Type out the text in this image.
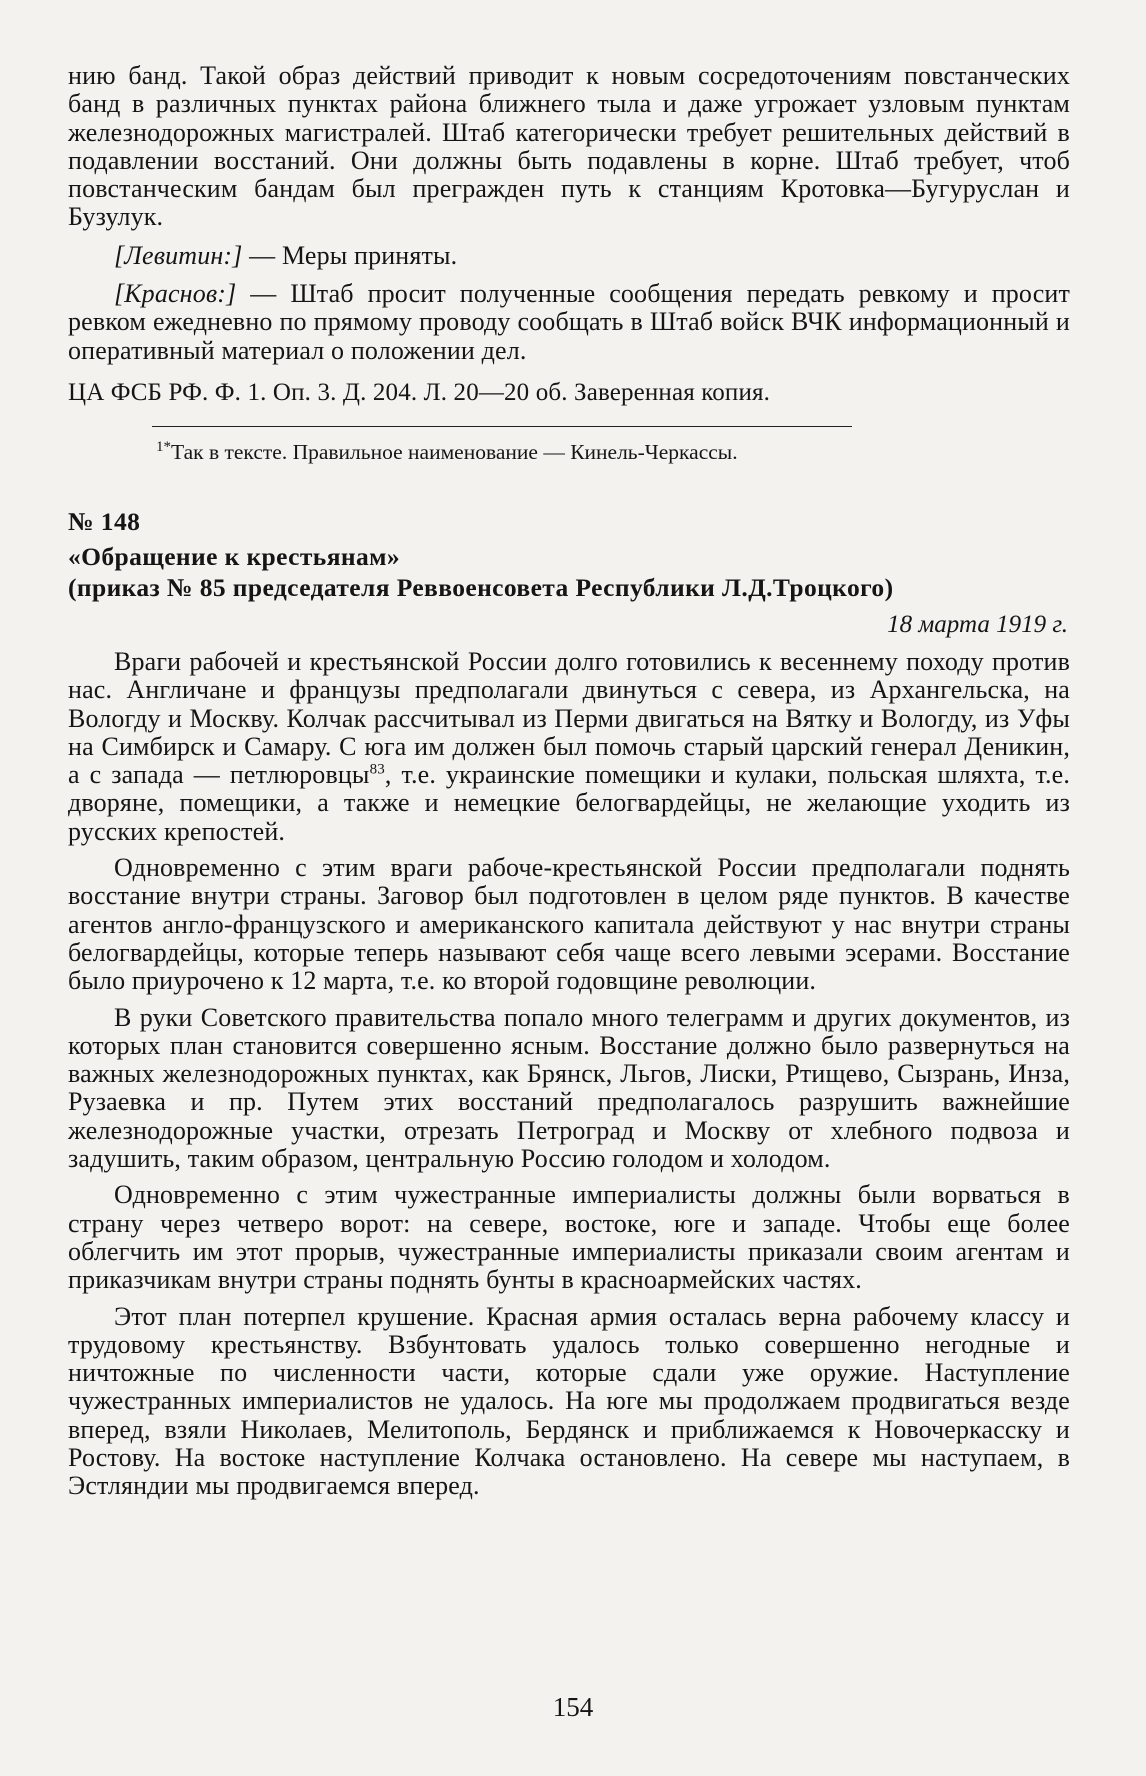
нию банд. Такой образ действий приводит к новым сосредоточениям повстанческих банд в различных пунктах района ближнего тыла и даже угрожает узловым пунктам железнодорожных магистралей. Штаб категорически требует решительных действий в подавлении восстаний. Они должны быть подавлены в корне. Штаб требует, чтоб повстанческим бандам был прегражден путь к станциям Кротовка—Бугуруслан и Бузулук.

[Левитин:] — Меры приняты.

[Краснов:] — Штаб просит полученные сообщения передать ревкому и просит ревком ежедневно по прямому проводу сообщать в Штаб войск ВЧК информационный и оперативный материал о положении дел.

ЦА ФСБ РФ. Ф. 1. Оп. 3. Д. 204. Л. 20—20 об. Заверенная копия.

$^{1*}$Так в тексте. Правильное наименование — Кинель-Черкассы.

№ 148

«Обращение к крестьянам»

(приказ № 85 председателя Реввоенсовета Республики Л.Д.Троцкого)

18 марта 1919 г.

Враги рабочей и крестьянской России долго готовились к весеннему походу против нас. Англичане и французы предполагали двинуться с севера, из Архангельска, на Вологду и Москву. Колчак рассчитывал из Перми двигаться на Вятку и Вологду, из Уфы на Симбирск и Самару. С юга им должен был помочь старый царский генерал Деникин, а с запада — петлюровцы$^{83}$, т.е. украинские помещики и кулаки, польская шляхта, т.е. дворяне, помещики, а также и немецкие белогвардейцы, не желающие уходить из русских крепостей.

Одновременно с этим враги рабоче-крестьянской России предполагали поднять восстание внутри страны. Заговор был подготовлен в целом ряде пунктов. В качестве агентов англо-французского и американского капитала действуют у нас внутри страны белогвардейцы, которые теперь называют себя чаще всего левыми эсерами. Восстание было приурочено к 12 марта, т.е. ко второй годовщине революции.

В руки Советского правительства попало много телеграмм и других документов, из которых план становится совершенно ясным. Восстание должно было развернуться на важных железнодорожных пунктах, как Брянск, Льгов, Лиски, Ртищево, Сызрань, Инза, Рузаевка и пр. Путем этих восстаний предполагалось разрушить важнейшие железнодорожные участки, отрезать Петроград и Москву от хлебного подвоза и задушить, таким образом, центральную Россию голодом и холодом.

Одновременно с этим чужестранные империалисты должны были ворваться в страну через четверо ворот: на севере, востоке, юге и западе. Чтобы еще более облегчить им этот прорыв, чужестранные империалисты приказали своим агентам и приказчикам внутри страны поднять бунты в красноармейских частях.

Этот план потерпел крушение. Красная армия осталась верна рабочему классу и трудовому крестьянству. Взбунтовать удалось только совершенно негодные и ничтожные по численности части, которые сдали уже оружие. Наступление чужестранных империалистов не удалось. На юге мы продолжаем продвигаться везде вперед, взяли Николаев, Мелитополь, Бердянск и приближаемся к Новочеркасску и Ростову. На востоке наступление Колчака остановлено. На севере мы наступаем, в Эстляндии мы продвигаемся вперед.

154
